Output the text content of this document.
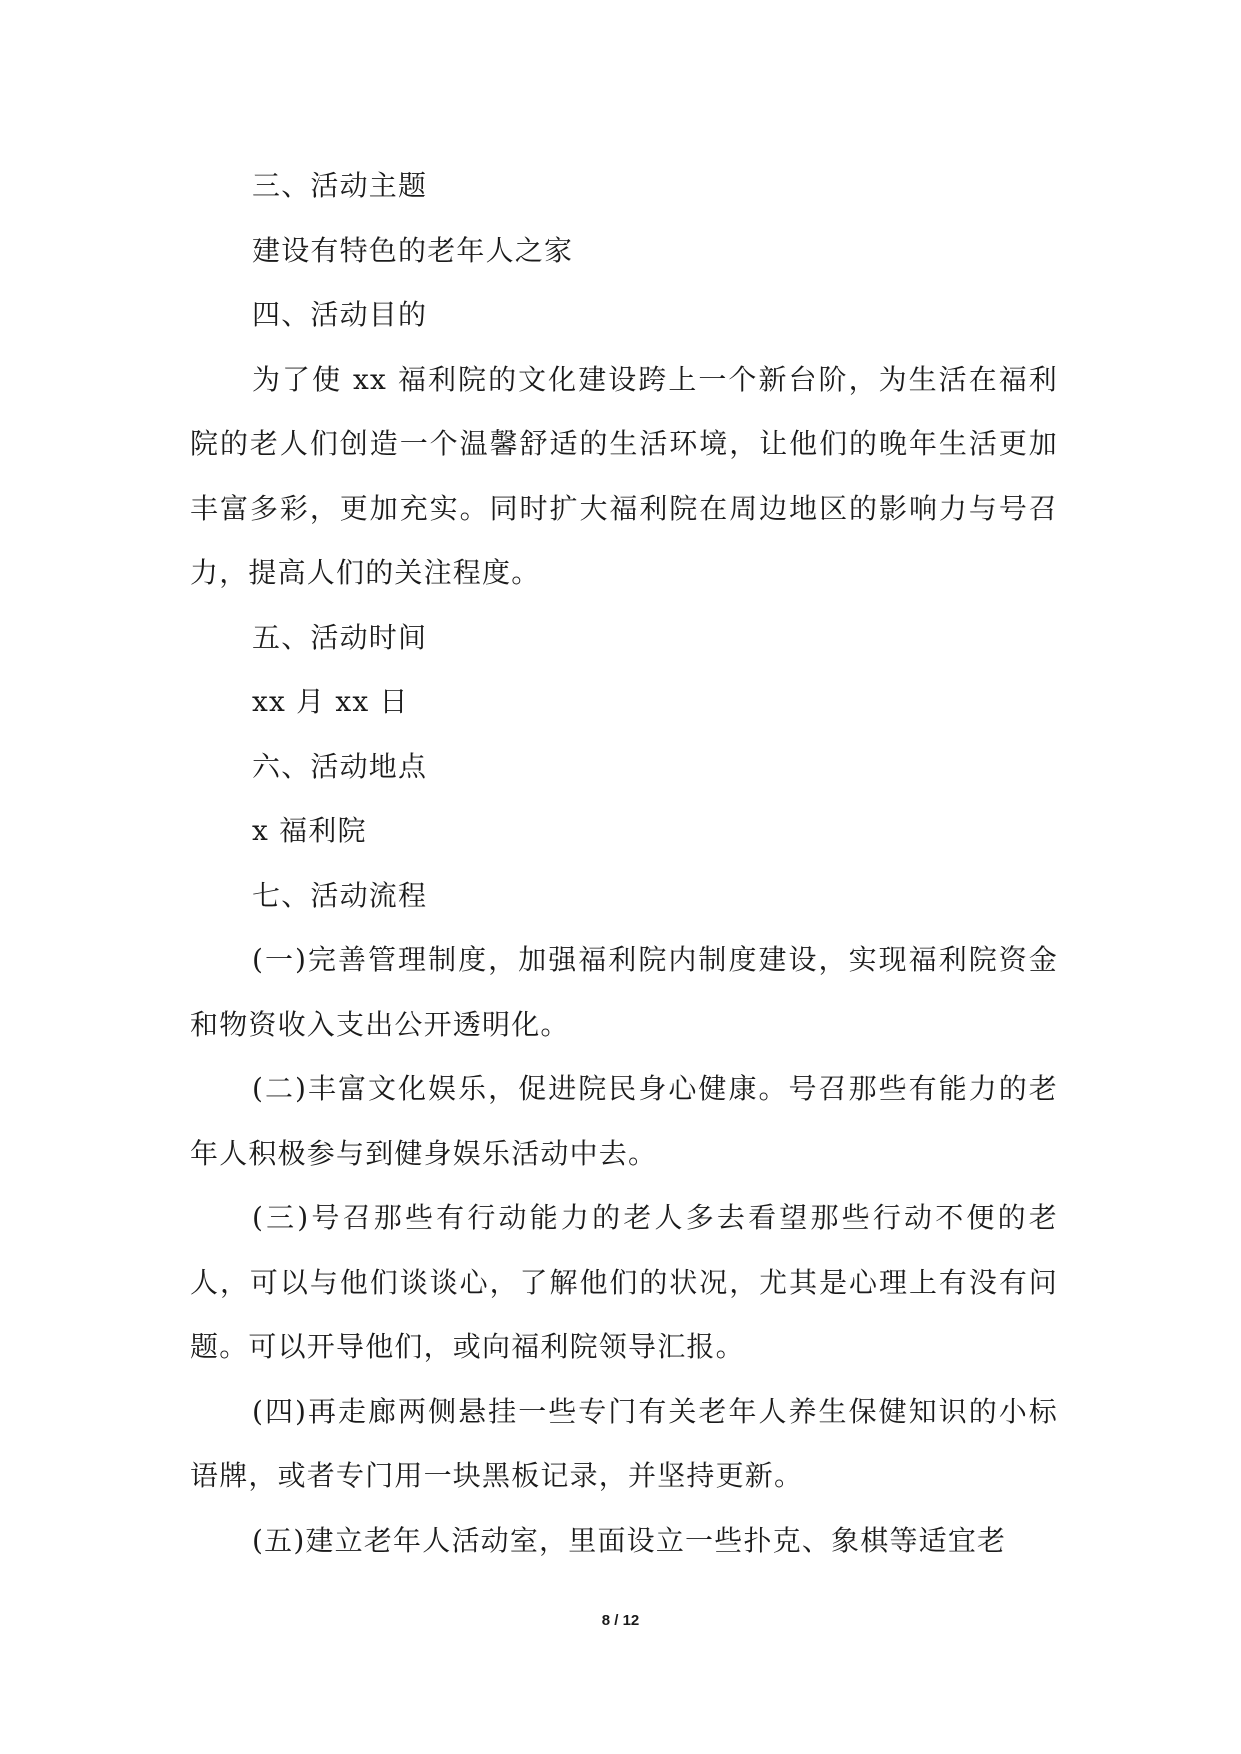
三、活动主题

建设有特色的老年人之家

四、活动目的

为了使 xx 福利院的文化建设跨上一个新台阶，为生活在福利院的老人们创造一个温馨舒适的生活环境，让他们的晚年生活更加丰富多彩，更加充实。同时扩大福利院在周边地区的影响力与号召力，提高人们的关注程度。

五、活动时间

xx 月 xx 日

六、活动地点

x 福利院

七、活动流程

(一)完善管理制度，加强福利院内制度建设，实现福利院资金和物资收入支出公开透明化。

(二)丰富文化娱乐，促进院民身心健康。号召那些有能力的老年人积极参与到健身娱乐活动中去。

(三)号召那些有行动能力的老人多去看望那些行动不便的老人，可以与他们谈谈心，了解他们的状况，尤其是心理上有没有问题。可以开导他们，或向福利院领导汇报。

(四)再走廊两侧悬挂一些专门有关老年人养生保健知识的小标语牌，或者专门用一块黑板记录，并坚持更新。

(五)建立老年人活动室，里面设立一些扑克、象棋等适宜老

8 / 12
